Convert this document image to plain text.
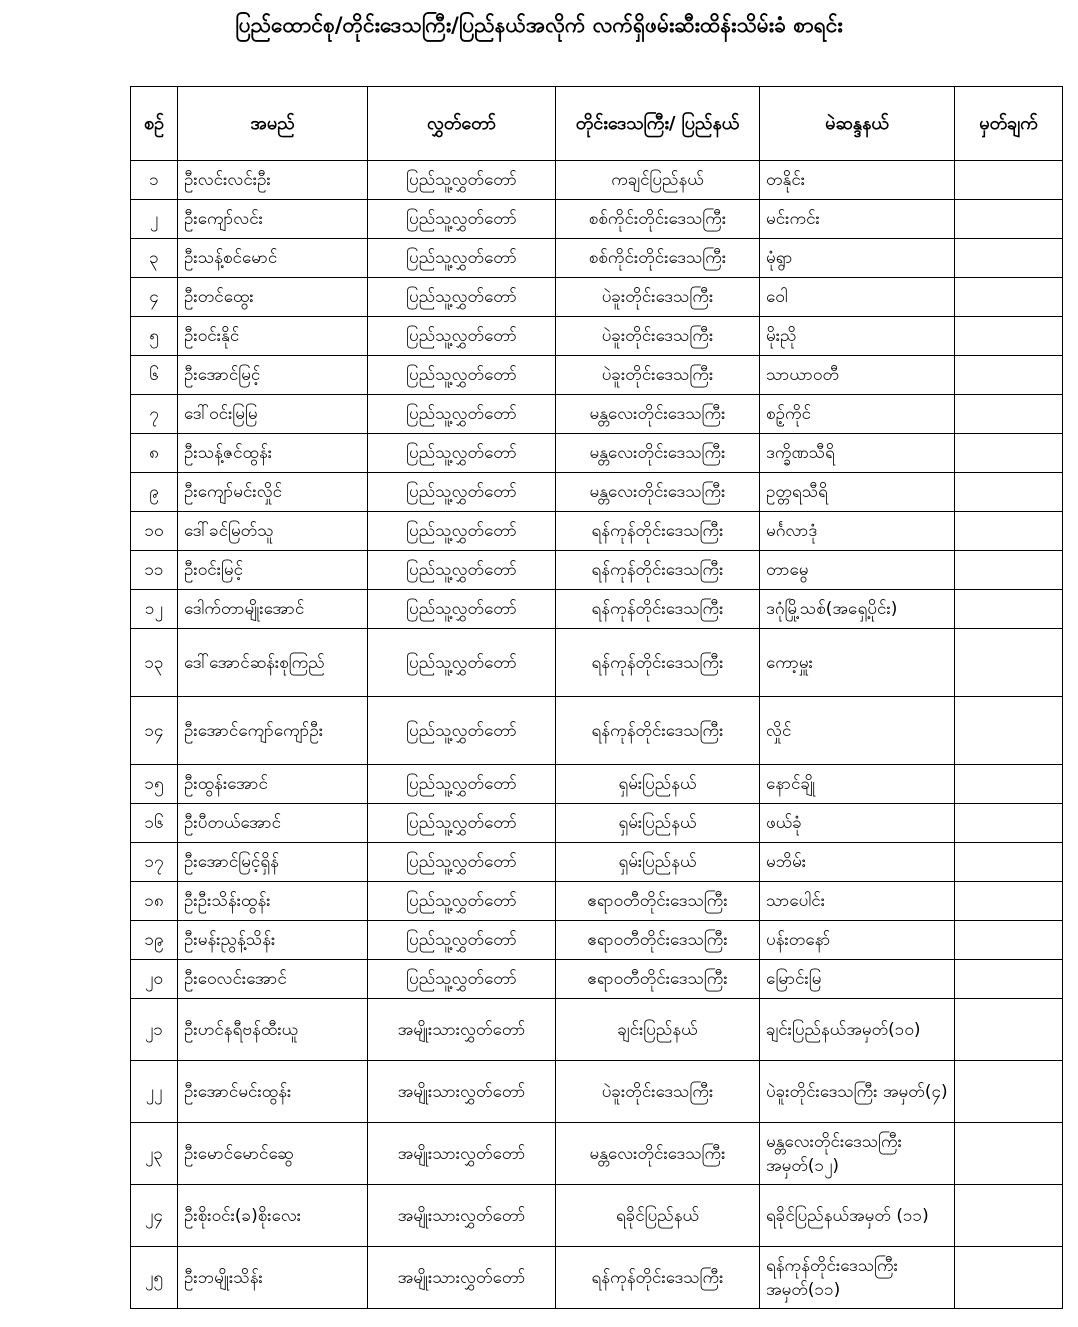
ပြည်ထောင်စု/တိုင်းဒေသကြီး/ပြည်နယ်အလိုက် လက်ရှိဖမ်းဆီးထိန်းသိမ်းခံ စာရင်း
စဉ်	အမည်	လွှတ်တော်	တိုင်းဒေသကြီး/ ပြည်နယ်	မဲဆန္ဒနယ်	မှတ်ချက်
၁	ဦးလင်းလင်းဦး	ပြည်သူ့လွှတ်တော်	ကချင်ပြည်နယ်	တနိုင်း	
၂	ဦးကျော်လင်း	ပြည်သူ့လွှတ်တော်	စစ်ကိုင်းတိုင်းဒေသကြီး	မင်းကင်း	
၃	ဦးသန့်စင်မောင်	ပြည်သူ့လွှတ်တော်	စစ်ကိုင်းတိုင်းဒေသကြီး	မုံရွာ	
၄	ဦးတင်ထွေး	ပြည်သူ့လွှတ်တော်	ပဲခူးတိုင်းဒေသကြီး	ဝေါ	
၅	ဦးဝင်းနိုင်	ပြည်သူ့လွှတ်တော်	ပဲခူးတိုင်းဒေသကြီး	မိုးညို	
၆	ဦးအောင်မြင့်	ပြည်သူ့လွှတ်တော်	ပဲခူးတိုင်းဒေသကြီး	သာယာဝတီ	
၇	ဒေါ်ဝင်းမြမြ	ပြည်သူ့လွှတ်တော်	မန္တလေးတိုင်းဒေသကြီး	စဉ့်ကိုင်	
၈	ဦးသန့်ဇင်ထွန်း	ပြည်သူ့လွှတ်တော်	မန္တလေးတိုင်းဒေသကြီး	ဒက္ခိဏသီရိ	
၉	ဦးကျော်မင်းလှိုင်	ပြည်သူ့လွှတ်တော်	မန္တလေးတိုင်းဒေသကြီး	ဥတ္တရသီရိ	
၁၀	ဒေါ်ခင်မြတ်သူ	ပြည်သူ့လွှတ်တော်	ရန်ကုန်တိုင်းဒေသကြီး	မင်္ဂလာဒုံ	
၁၁	ဦးဝင်းမြင့်	ပြည်သူ့လွှတ်တော်	ရန်ကုန်တိုင်းဒေသကြီး	တာမွေ	
၁၂	ဒေါက်တာမျိုးအောင်	ပြည်သူ့လွှတ်တော်	ရန်ကုန်တိုင်းဒေသကြီး	ဒဂုံမြို့သစ်(အရှေ့ပိုင်း)	
၁၃	ဒေါ်အောင်ဆန်းစုကြည်	ပြည်သူ့လွှတ်တော်	ရန်ကုန်တိုင်းဒေသကြီး	ကော့မှူး	
၁၄	ဦးအောင်ကျော်ကျော်ဦး	ပြည်သူ့လွှတ်တော်	ရန်ကုန်တိုင်းဒေသကြီး	လှိုင်	
၁၅	ဦးထွန်းအောင်	ပြည်သူ့လွှတ်တော်	ရှမ်းပြည်နယ်	နောင်ချို	
၁၆	ဦးပီတယ်အောင်	ပြည်သူ့လွှတ်တော်	ရှမ်းပြည်နယ်	ဖယ်ခုံ	
၁၇	ဦးအောင်မြင့်ရှိန်	ပြည်သူ့လွှတ်တော်	ရှမ်းပြည်နယ်	မဘိမ်း	
၁၈	ဦးဦးသိန်းထွန်း	ပြည်သူ့လွှတ်တော်	ဧရာဝတီတိုင်းဒေသကြီး	သာပေါင်း	
၁၉	ဦးမန်းညွန့်သိန်း	ပြည်သူ့လွှတ်တော်	ဧရာဝတီတိုင်းဒေသကြီး	ပန်းတနော်	
၂၀	ဦးဝေလင်းအောင်	ပြည်သူ့လွှတ်တော်	ဧရာဝတီတိုင်းဒေသကြီး	မြောင်းမြ	
၂၁	ဦးဟင်နရီဗန်ထီးယူ	အမျိုးသားလွှတ်တော်	ချင်းပြည်နယ်	ချင်းပြည်နယ်အမှတ်(၁၀)	
၂၂	ဦးအောင်မင်းထွန်း	အမျိုးသားလွှတ်တော်	ပဲခူးတိုင်းဒေသကြီး	ပဲခူးတိုင်းဒေသကြီး အမှတ်(၄)	
၂၃	ဦးမောင်မောင်ဆွေ	အမျိုးသားလွှတ်တော်	မန္တလေးတိုင်းဒေသကြီး	မန္တလေးတိုင်းဒေသကြီး အမှတ်(၁၂)	
၂၄	ဦးစိုးဝင်း(ခ)စိုးလေး	အမျိုးသားလွှတ်တော်	ရခိုင်ပြည်နယ်	ရခိုင်ပြည်နယ်အမှတ် (၁၁)	
၂၅	ဦးဘမျိုးသိန်း	အမျိုးသားလွှတ်တော်	ရန်ကုန်တိုင်းဒေသကြီး	ရန်ကုန်တိုင်းဒေသကြီး အမှတ်(၁၁)	
